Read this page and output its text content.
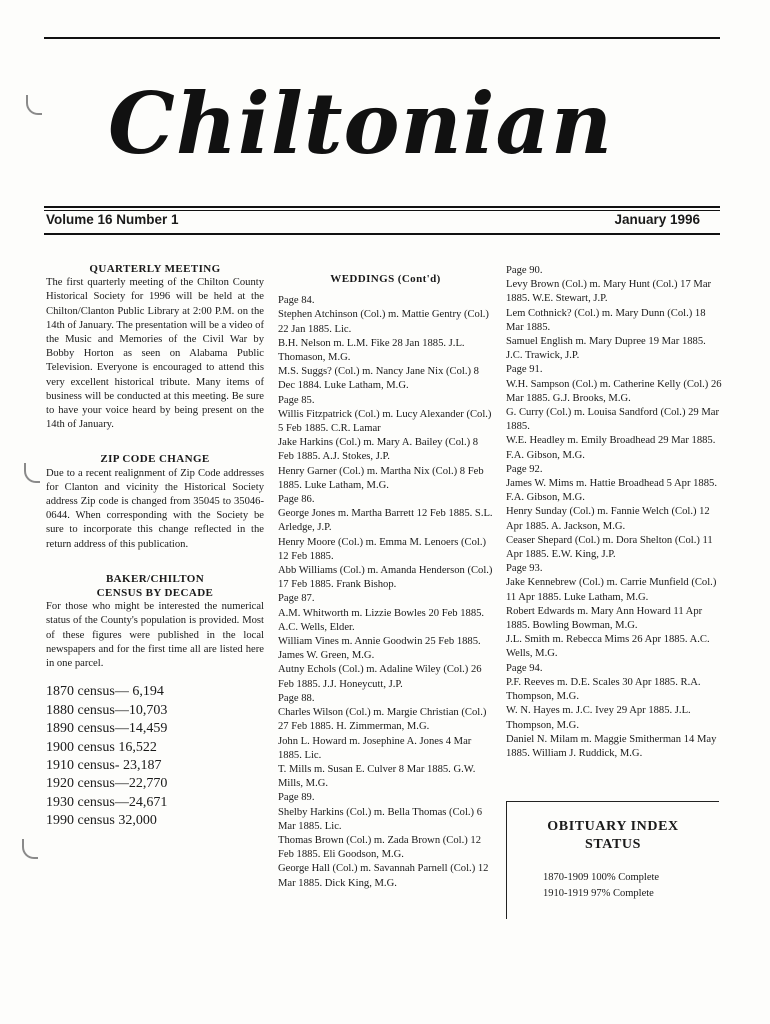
Chiltonian
Volume 16 Number 1	January 1996

QUARTERLY MEETING

The first quarterly meeting of the Chilton County Historical Society for 1996 will be held at the Chilton/Clanton Public Library at 2:00 P.M. on the 14th of January. The presentation will be a video of the Music and Memories of the Civil War by Bobby Horton as seen on Alabama Public Television. Everyone is encouraged to attend this very excellent historical tribute. Many items of business will be conducted at this meeting. Be sure to have your voice heard by being present on the 14th of January.

ZIP CODE CHANGE

Due to a recent realignment of Zip Code addresses for Clanton and vicinity the Historical Society address Zip code is changed from 35045 to 35046-0644. When corresponding with the Society be sure to incorporate this change reflected in the return address of this publication.

BAKER/CHILTON

CENSUS BY DECADE

For those who might be interested the numerical status of the County's population is provided. Most of these figures were published in the local newspapers and for the first time all are listed here in one parcel.

1870 census— 6,194
1880 census—10,703
1890 census—14,459
1900 census 16,522
1910 census- 23,187
1920 census—22,770
1930 census—24,671
1990 census 32,000

WEDDINGS (Cont'd)

Page 84.

Stephen Atchinson (Col.) m. Mattie Gentry (Col.) 22 Jan 1885. Lic.

B.H. Nelson m. L.M. Fike 28 Jan 1885. J.L. Thomason, M.G.

M.S. Suggs? (Col.) m. Nancy Jane Nix (Col.) 8 Dec 1884. Luke Latham, M.G.

Page 85.

Willis Fitzpatrick (Col.) m. Lucy Alexander (Col.) 5 Feb 1885. C.R. Lamar

Jake Harkins (Col.) m. Mary A. Bailey (Col.) 8 Feb 1885. A.J. Stokes, J.P.

Henry Garner (Col.) m. Martha Nix (Col.) 8 Feb 1885. Luke Latham, M.G.

Page 86.

George Jones m. Martha Barrett 12 Feb 1885. S.L. Arledge, J.P.

Henry Moore (Col.) m. Emma M. Lenoers (Col.) 12 Feb 1885.

Abb Williams (Col.) m. Amanda Henderson (Col.) 17 Feb 1885. Frank Bishop.

Page 87.

A.M. Whitworth m. Lizzie Bowles 20 Feb 1885. A.C. Wells, Elder.

William Vines m. Annie Goodwin 25 Feb 1885. James W. Green, M.G.

Autny Echols (Col.) m. Adaline Wiley (Col.) 26 Feb 1885. J.J. Honeycutt, J.P.

Page 88.

Charles Wilson (Col.) m. Margie Christian (Col.) 27 Feb 1885. H. Zimmerman, M.G.

John L. Howard m. Josephine A. Jones 4 Mar 1885. Lic.

T. Mills m. Susan E. Culver 8 Mar 1885. G.W. Mills, M.G.

Page 89.

Shelby Harkins (Col.) m. Bella Thomas (Col.) 6 Mar 1885. Lic.

Thomas Brown (Col.) m. Zada Brown (Col.) 12 Feb 1885. Eli Goodson, M.G.

George Hall (Col.) m. Savannah Parnell (Col.) 12 Mar 1885. Dick King, M.G.

Page 90.

Levy Brown (Col.) m. Mary Hunt (Col.) 17 Mar 1885. W.E. Stewart, J.P.

Lem Cothnick? (Col.) m. Mary Dunn (Col.) 18 Mar 1885.

Samuel English m. Mary Dupree 19 Mar 1885. J.C. Trawick, J.P.

Page 91.

W.H. Sampson (Col.) m. Catherine Kelly (Col.) 26 Mar 1885. G.J. Brooks, M.G.

G. Curry (Col.) m. Louisa Sandford (Col.) 29 Mar 1885.

W.E. Headley m. Emily Broadhead 29 Mar 1885. F.A. Gibson, M.G.

Page 92.

James W. Mims m. Hattie Broadhead 5 Apr 1885. F.A. Gibson, M.G.

Henry Sunday (Col.) m. Fannie Welch (Col.) 12 Apr 1885. A. Jackson, M.G.

Ceaser Shepard (Col.) m. Dora Shelton (Col.) 11 Apr 1885. E.W. King, J.P.

Page 93.

Jake Kennebrew (Col.) m. Carrie Munfield (Col.) 11 Apr 1885. Luke Latham, M.G.

Robert Edwards m. Mary Ann Howard 11 Apr 1885. Bowling Bowman, M.G.

J.L. Smith m. Rebecca Mims 26 Apr 1885. A.C. Wells, M.G.

Page 94.

P.F. Reeves m. D.E. Scales 30 Apr 1885. R.A. Thompson, M.G.

W. N. Hayes m. J.C. Ivey 29 Apr 1885. J.L. Thompson, M.G.

Daniel N. Milam m. Maggie Smitherman 14 May 1885. William J. Ruddick, M.G.

OBITUARY INDEX
STATUS
1870-1909 100% Complete
1910-1919 97% Complete
